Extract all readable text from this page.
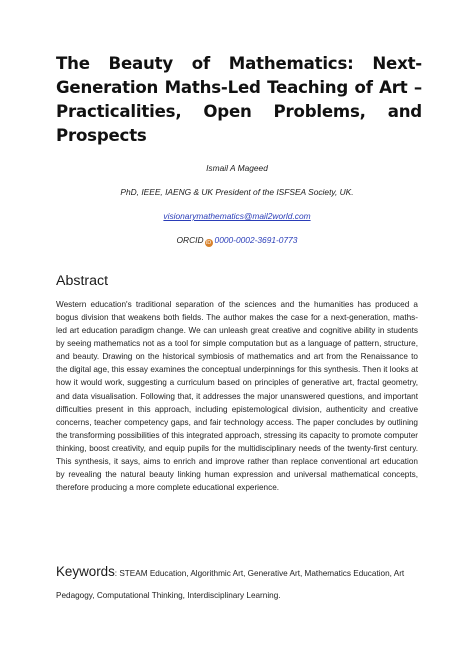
The Beauty of Mathematics: Next-Generation Maths-Led Teaching of Art – Practicalities, Open Problems, and Prospects
Ismail A Mageed
PhD, IEEE, IAENG & UK President of the ISFSEA Society, UK.
visionarymathematics@mail2world.com
ORCID iD 0000-0002-3691-0773
Abstract
Western education's traditional separation of the sciences and the humanities has produced a bogus division that weakens both fields. The author makes the case for a next-generation, maths-led art education paradigm change. We can unleash great creative and cognitive ability in students by seeing mathematics not as a tool for simple computation but as a language of pattern, structure, and beauty. Drawing on the historical symbiosis of mathematics and art from the Renaissance to the digital age, this essay examines the conceptual underpinnings for this synthesis. Then it looks at how it would work, suggesting a curriculum based on principles of generative art, fractal geometry, and data visualisation. Following that, it addresses the major unanswered questions, and important difficulties present in this approach, including epistemological division, authenticity and creative concerns, teacher competency gaps, and fair technology access. The paper concludes by outlining the transforming possibilities of this integrated approach, stressing its capacity to promote computer thinking, boost creativity, and equip pupils for the multidisciplinary needs of the twenty-first century. This synthesis, it says, aims to enrich and improve rather than replace conventional art education by revealing the natural beauty linking human expression and universal mathematical concepts, therefore producing a more complete educational experience.
Keywords: STEAM Education, Algorithmic Art, Generative Art, Mathematics Education, Art Pedagogy, Computational Thinking, Interdisciplinary Learning.
